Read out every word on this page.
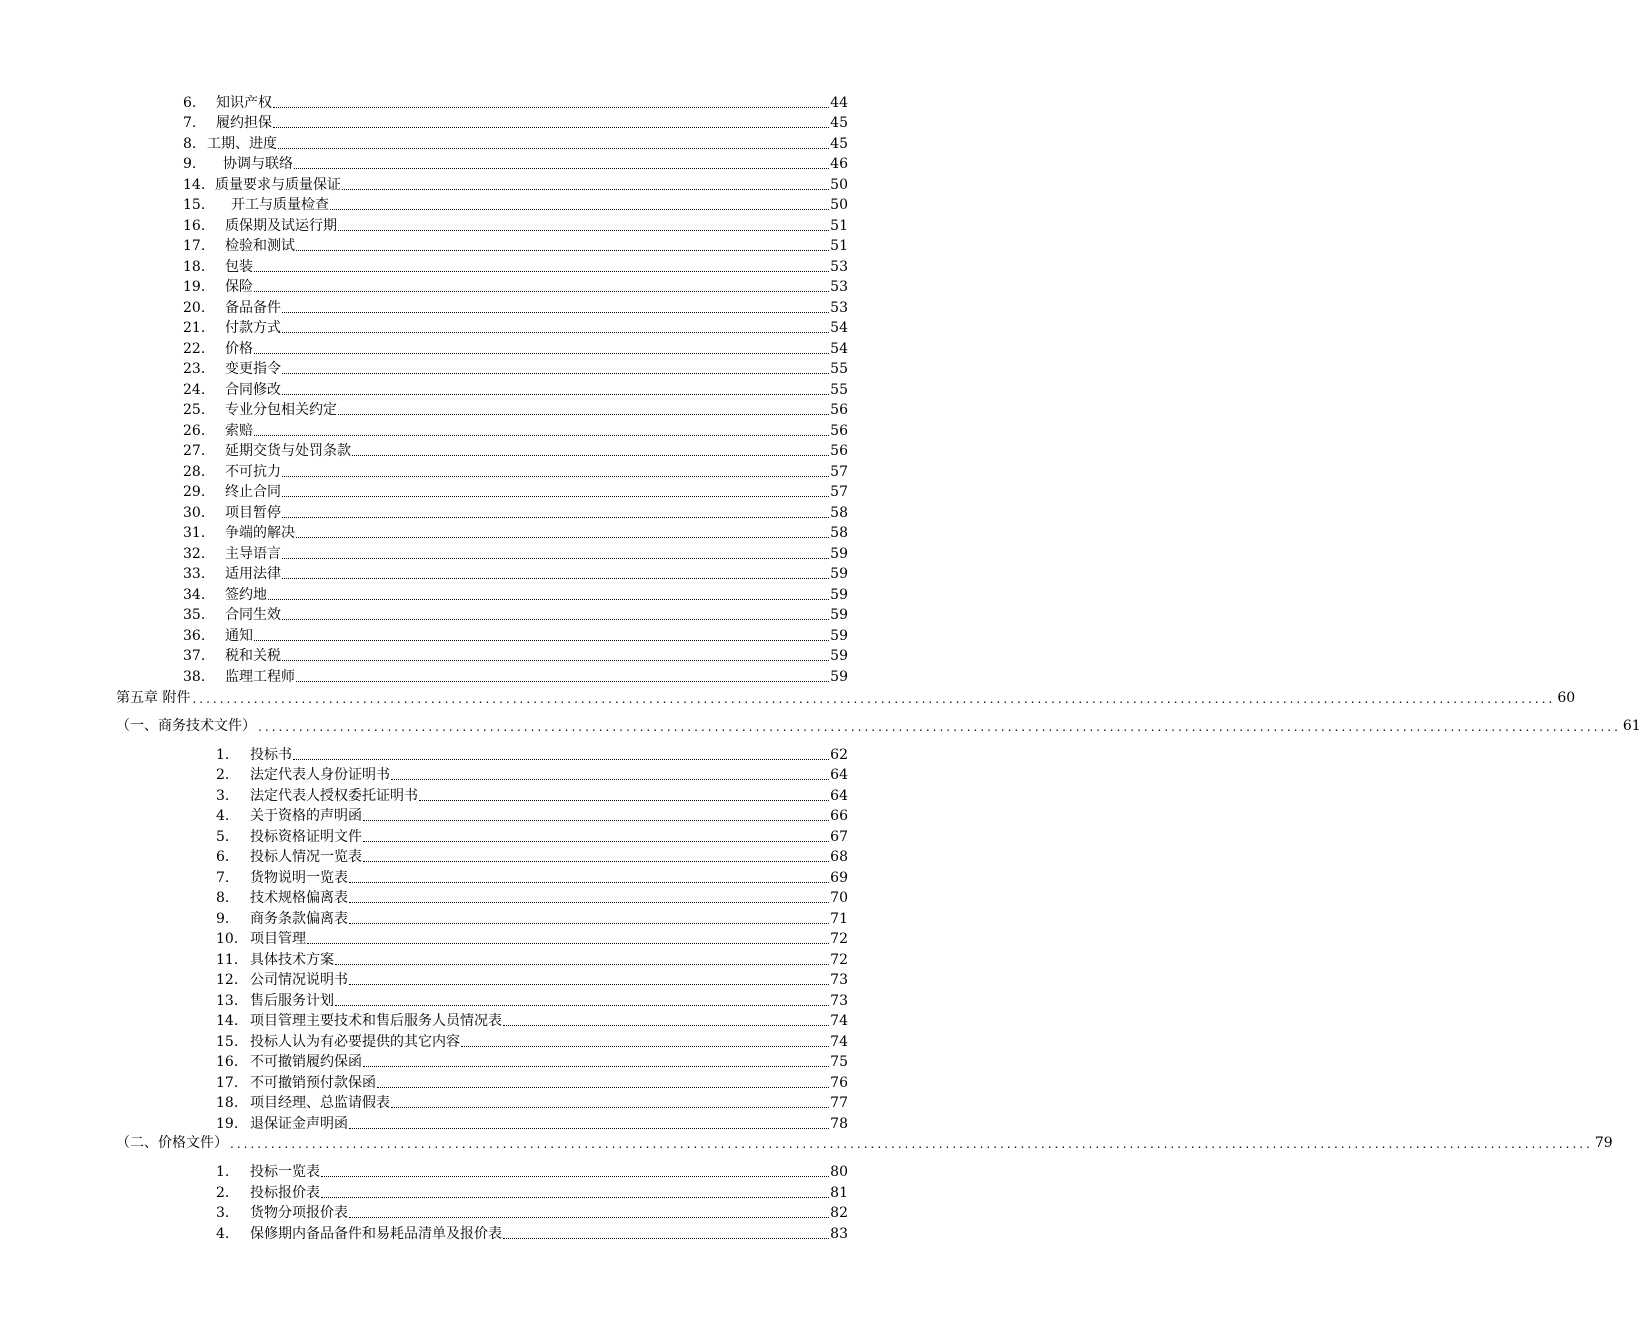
6.	知识产权	44
7.	履约担保	45
8. 工期、进度	45
9.	协调与联络	46
14. 质量要求与质量保证	50
15.	开工与质量检查	50
16.	质保期及试运行期	51
17.	检验和测试	51
18.	包装	53
19.	保险	53
20.	备品备件	53
21.	付款方式	54
22.	价格	54
23.	变更指令	55
24.	合同修改	55
25.	专业分包相关约定	56
26.	索赔	56
27.	延期交货与处罚条款	56
28.	不可抗力	57
29.	终止合同	57
30.	项目暂停	58
31.	争端的解决	58
32.	主导语言	59
33.	适用法律	59
34.	签约地	59
35.	合同生效	59
36.	通知	59
37.	税和关税	59
38.	监理工程师	59
第五章 附件 ........................................................................................................................................................................................................ 60
（一、商务技术文件） ........................................................................................................................................................................................................ 61
1.	投标书	62
2.	法定代表人身份证明书	64
3.	法定代表人授权委托证明书	64
4.	关于资格的声明函	66
5.	投标资格证明文件	67
6.	投标人情况一览表	68
7.	货物说明一览表	69
8.	技术规格偏离表	70
9.	商务条款偏离表	71
10. 项目管理	72
11. 具体技术方案	72
12. 公司情况说明书	73
13. 售后服务计划	73
14. 项目管理主要技术和售后服务人员情况表	74
15. 投标人认为有必要提供的其它内容	74
16. 不可撤销履约保函	75
17. 不可撤销预付款保函	76
18. 项目经理、总监请假表	77
19. 退保证金声明函	78
（二、价格文件） ........................................................................................................................................................................................................ 79
1.	投标一览表	80
2.	投标报价表	81
3.	货物分项报价表	82
4.	保修期内备品备件和易耗品清单及报价表	83
